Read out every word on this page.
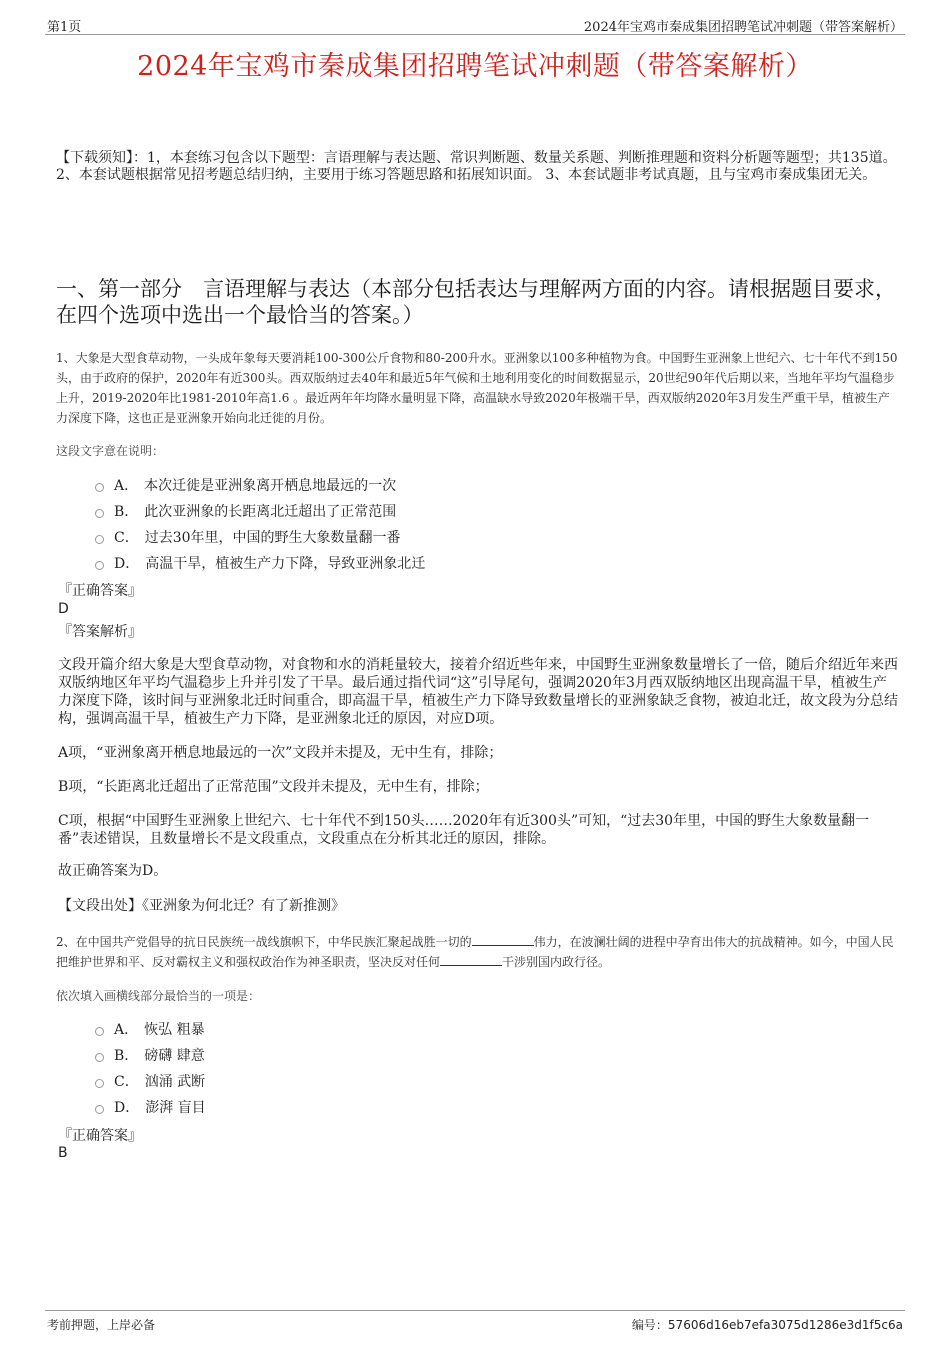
第1页	2024年宝鸡市秦成集团招聘笔试冲刺题（带答案解析）
2024年宝鸡市秦成集团招聘笔试冲刺题（带答案解析）
【下载须知】：1，本套练习包含以下题型：言语理解与表达题、常识判断题、数量关系题、判断推理题和资料分析题等题型；共135道。 2、本套试题根据常见招考题总结归纳，主要用于练习答题思路和拓展知识面。 3、本套试题非考试真题，且与宝鸡市秦成集团无关。
一、第一部分　言语理解与表达（本部分包括表达与理解两方面的内容。请根据题目要求，在四个选项中选出一个最恰当的答案。）
1、大象是大型食草动物，一头成年象每天要消耗100-300公斤食物和80-200升水。亚洲象以100多种植物为食。中国野生亚洲象上世纪六、七十年代不到150头，由于政府的保护，2020年有近300头。西双版纳过去40年和最近5年气候和土地利用变化的时间数据显示，20世纪90年代后期以来，当地年平均气温稳步上升，2019-2020年比1981-2010年高1.6 。最近两年年均降水量明显下降，高温缺水导致2020年极端干旱，西双版纳2020年3月发生严重干旱，植被生产力深度下降，这也正是亚洲象开始向北迁徙的月份。
这段文字意在说明：
A． 本次迁徙是亚洲象离开栖息地最远的一次
B． 此次亚洲象的长距离北迁超出了正常范围
C． 过去30年里，中国的野生大象数量翻一番
D． 高温干旱，植被生产力下降，导致亚洲象北迁
『正确答案』
D
『答案解析』
文段开篇介绍大象是大型食草动物，对食物和水的消耗量较大，接着介绍近些年来，中国野生亚洲象数量增长了一倍，随后介绍近年来西双版纳地区年平均气温稳步上升并引发了干旱。最后通过指代词“这”引导尾句，强调2020年3月西双版纳地区出现高温干旱，植被生产力深度下降，该时间与亚洲象北迁时间重合，即高温干旱，植被生产力下降导致数量增长的亚洲象缺乏食物，被迫北迁，故文段为分总结构，强调高温干旱，植被生产力下降，是亚洲象北迁的原因，对应D项。
A项，“亚洲象离开栖息地最远的一次”文段并未提及，无中生有，排除；
B项，“长距离北迁超出了正常范围”文段并未提及，无中生有，排除；
C项，根据“中国野生亚洲象上世纪六、七十年代不到150头……2020年有近300头”可知，“过去30年里，中国的野生大象数量翻一番”表述错误，且数量增长不是文段重点，文段重点在分析其北迁的原因，排除。
故正确答案为D。
【文段出处】《亚洲象为何北迁？有了新推测》
2、在中国共产党倡导的抗日民族统一战线旗帜下，中华民族汇聚起战胜一切的	伟力，在波澜壮阔的进程中孕育出伟大的抗战精神。如今，中国人民把维护世界和平、反对霸权主义和强权政治作为神圣职责，坚决反对任何	干涉别国内政行径。
依次填入画横线部分最恰当的一项是：
A． 恢弘 粗暴
B． 磅礴 肆意
C． 汹涌 武断
D． 澎湃 盲目
『正确答案』
B
考前押题，上岸必备	编号：57606d16eb7efa3075d1286e3d1f5c6a
